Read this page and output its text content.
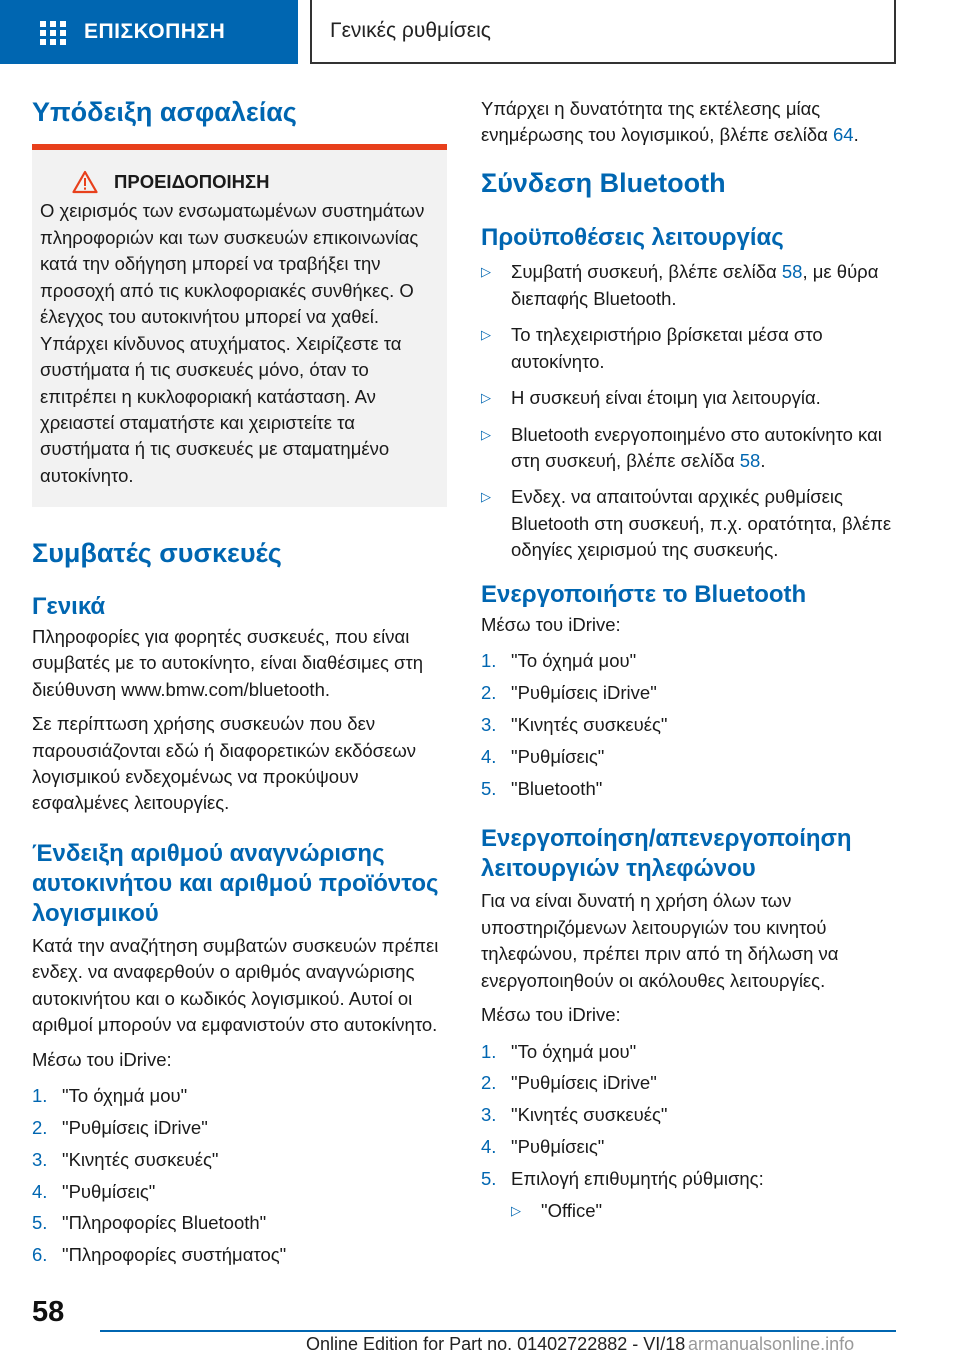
ΕΠΙΣΚΟΠΗΣΗ	Γενικές ρυθμίσεις
Υπόδειξη ασφαλείας
ΠΡΟΕΙΔΟΠΟΙΗΣΗ
Ο χειρισμός των ενσωματωμένων συστημάτων πληροφοριών και των συσκευών επικοινωνίας κατά την οδήγηση μπορεί να τραβήξει την προσοχή από τις κυκλοφοριακές συνθήκες. Ο έλεγχος του αυτοκινήτου μπορεί να χαθεί. Υπάρχει κίνδυνος ατυχήματος. Χειρίζεστε τα συστήματα ή τις συσκευές μόνο, όταν το επιτρέπει η κυκλοφοριακή κατάσταση. Αν χρειαστεί σταματήστε και χειριστείτε τα συστήματα ή τις συσκευές με σταματημένο αυτοκίνητο.
Συμβατές συσκευές
Γενικά

Πληροφορίες για φορητές συσκευές, που είναι συμβατές με το αυτοκίνητο, είναι διαθέσιμες στη διεύθυνση www.bmw.com/bluetooth.

Σε περίπτωση χρήσης συσκευών που δεν παρουσιάζονται εδώ ή διαφορετικών εκδόσεων λογισμικού ενδεχομένως να προκύψουν εσφαλμένες λειτουργίες.

Ένδειξη αριθμού αναγνώρισης αυτοκινήτου και αριθμού προϊόντος λογισμικού

Κατά την αναζήτηση συμβατών συσκευών πρέπει ενδεχ. να αναφερθούν ο αριθμός αναγνώρισης αυτοκινήτου και ο κωδικός λογισμικού. Αυτοί οι αριθμοί μπορούν να εμφανιστούν στο αυτοκίνητο.

Μέσω του iDrive:

1. "Το όχημά μου"
2. "Ρυθμίσεις iDrive"
3. "Κινητές συσκευές"
4. "Ρυθμίσεις"
5. "Πληροφορίες Bluetooth"
6. "Πληροφορίες συστήματος"

Υπάρχει η δυνατότητα της εκτέλεσης μίας ενημέρωσης του λογισμικού, βλέπε σελίδα 64.

Σύνδεση Bluetooth
Προϋποθέσεις λειτουργίας
▷	Συμβατή συσκευή, βλέπε σελίδα 58, με θύρα διεπαφής Bluetooth.
▷	Το τηλεχειριστήριο βρίσκεται μέσα στο αυτοκίνητο.
▷	Η συσκευή είναι έτοιμη για λειτουργία.
▷	Bluetooth ενεργοποιημένο στο αυτοκίνητο και στη συσκευή, βλέπε σελίδα 58.
▷	Ενδεχ. να απαιτούνται αρχικές ρυθμίσεις Bluetooth στη συσκευή, π.χ. ορατότητα, βλέπε οδηγίες χειρισμού της συσκευής.
Ενεργοποιήστε το Bluetooth

Μέσω του iDrive:

1. "Το όχημά μου"
2. "Ρυθμίσεις iDrive"
3. "Κινητές συσκευές"
4. "Ρυθμίσεις"
5. "Bluetooth"
Ενεργοποίηση/απενεργοποίηση λειτουργιών τηλεφώνου

Για να είναι δυνατή η χρήση όλων των υποστηριζόμενων λειτουργιών του κινητού τηλεφώνου, πρέπει πριν από τη δήλωση να ενεργοποιηθούν οι ακόλουθες λειτουργίες.

Μέσω του iDrive:

1. "Το όχημά μου"
2. "Ρυθμίσεις iDrive"
3. "Κινητές συσκευές"
4. "Ρυθμίσεις"
5. Επιλογή επιθυμητής ρύθμισης:
▷	"Office"
58
Online Edition for Part no. 01402722882 - VI/18 armanualsonline.info
